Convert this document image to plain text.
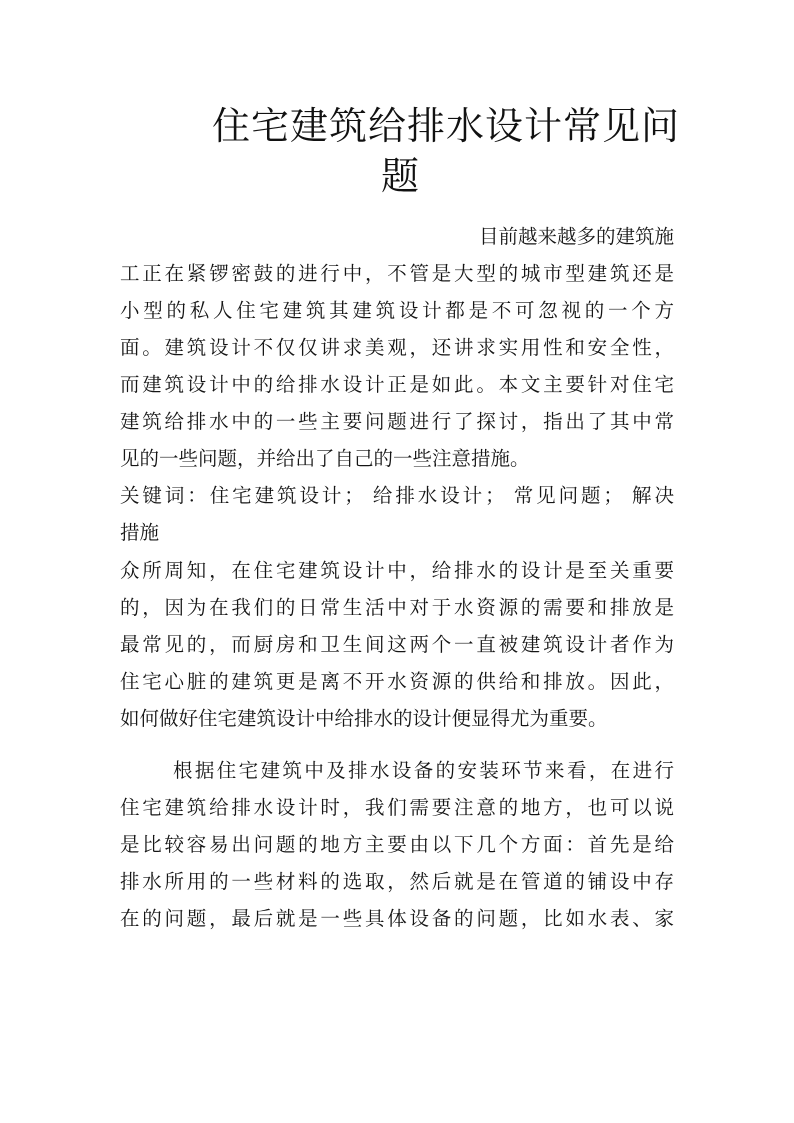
住宅建筑给排水设计常见问
题
目前越来越多的建筑施
工正在紧锣密鼓的进行中，不管是大型的城市型建筑还是
小型的私人住宅建筑其建筑设计都是不可忽视的一个方
面。建筑设计不仅仅讲求美观，还讲求实用性和安全性，
而建筑设计中的给排水设计正是如此。本文主要针对住宅
建筑给排水中的一些主要问题进行了探讨，指出了其中常
见的一些问题，并给出了自己的一些注意措施。
关键词：住宅建筑设计； 给排水设计； 常见问题； 解决
措施
众所周知，在住宅建筑设计中，给排水的设计是至关重要
的，因为在我们的日常生活中对于水资源的需要和排放是
最常见的，而厨房和卫生间这两个一直被建筑设计者作为
住宅心脏的建筑更是离不开水资源的供给和排放。因此，
如何做好住宅建筑设计中给排水的设计便显得尤为重要。
根据住宅建筑中及排水设备的安装环节来看，在进行
住宅建筑给排水设计时，我们需要注意的地方，也可以说
是比较容易出问题的地方主要由以下几个方面：首先是给
排水所用的一些材料的选取，然后就是在管道的铺设中存
在的问题，最后就是一些具体设备的问题，比如水表、家
